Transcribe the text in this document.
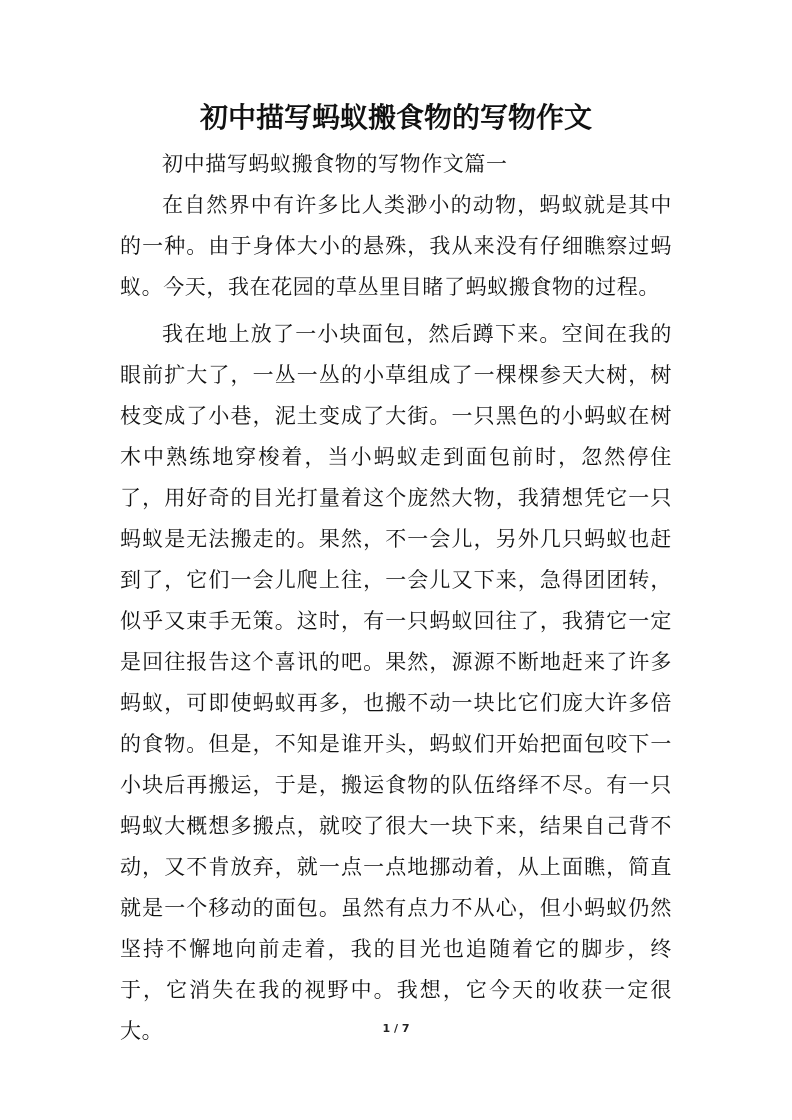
初中描写蚂蚁搬食物的写物作文

初中描写蚂蚁搬食物的写物作文篇一

在自然界中有许多比人类渺小的动物，蚂蚁就是其中的一种。由于身体大小的悬殊，我从来没有仔细瞧察过蚂蚁。今天，我在花园的草丛里目睹了蚂蚁搬食物的过程。

我在地上放了一小块面包，然后蹲下来。空间在我的眼前扩大了，一丛一丛的小草组成了一棵棵参天大树，树枝变成了小巷，泥土变成了大街。一只黑色的小蚂蚁在树木中熟练地穿梭着，当小蚂蚁走到面包前时，忽然停住了，用好奇的目光打量着这个庞然大物，我猜想凭它一只蚂蚁是无法搬走的。果然，不一会儿，另外几只蚂蚁也赶到了，它们一会儿爬上往，一会儿又下来，急得团团转，似乎又束手无策。这时，有一只蚂蚁回往了，我猜它一定是回往报告这个喜讯的吧。果然，源源不断地赶来了许多蚂蚁，可即使蚂蚁再多，也搬不动一块比它们庞大许多倍的食物。但是，不知是谁开头，蚂蚁们开始把面包咬下一小块后再搬运，于是，搬运食物的队伍络绎不尽。有一只蚂蚁大概想多搬点，就咬了很大一块下来，结果自己背不动，又不肯放弃，就一点一点地挪动着，从上面瞧，简直就是一个移动的面包。虽然有点力不从心，但小蚂蚁仍然坚持不懈地向前走着，我的目光也追随着它的脚步，终于，它消失在我的视野中。我想，它今天的收获一定很大。	1 / 7
